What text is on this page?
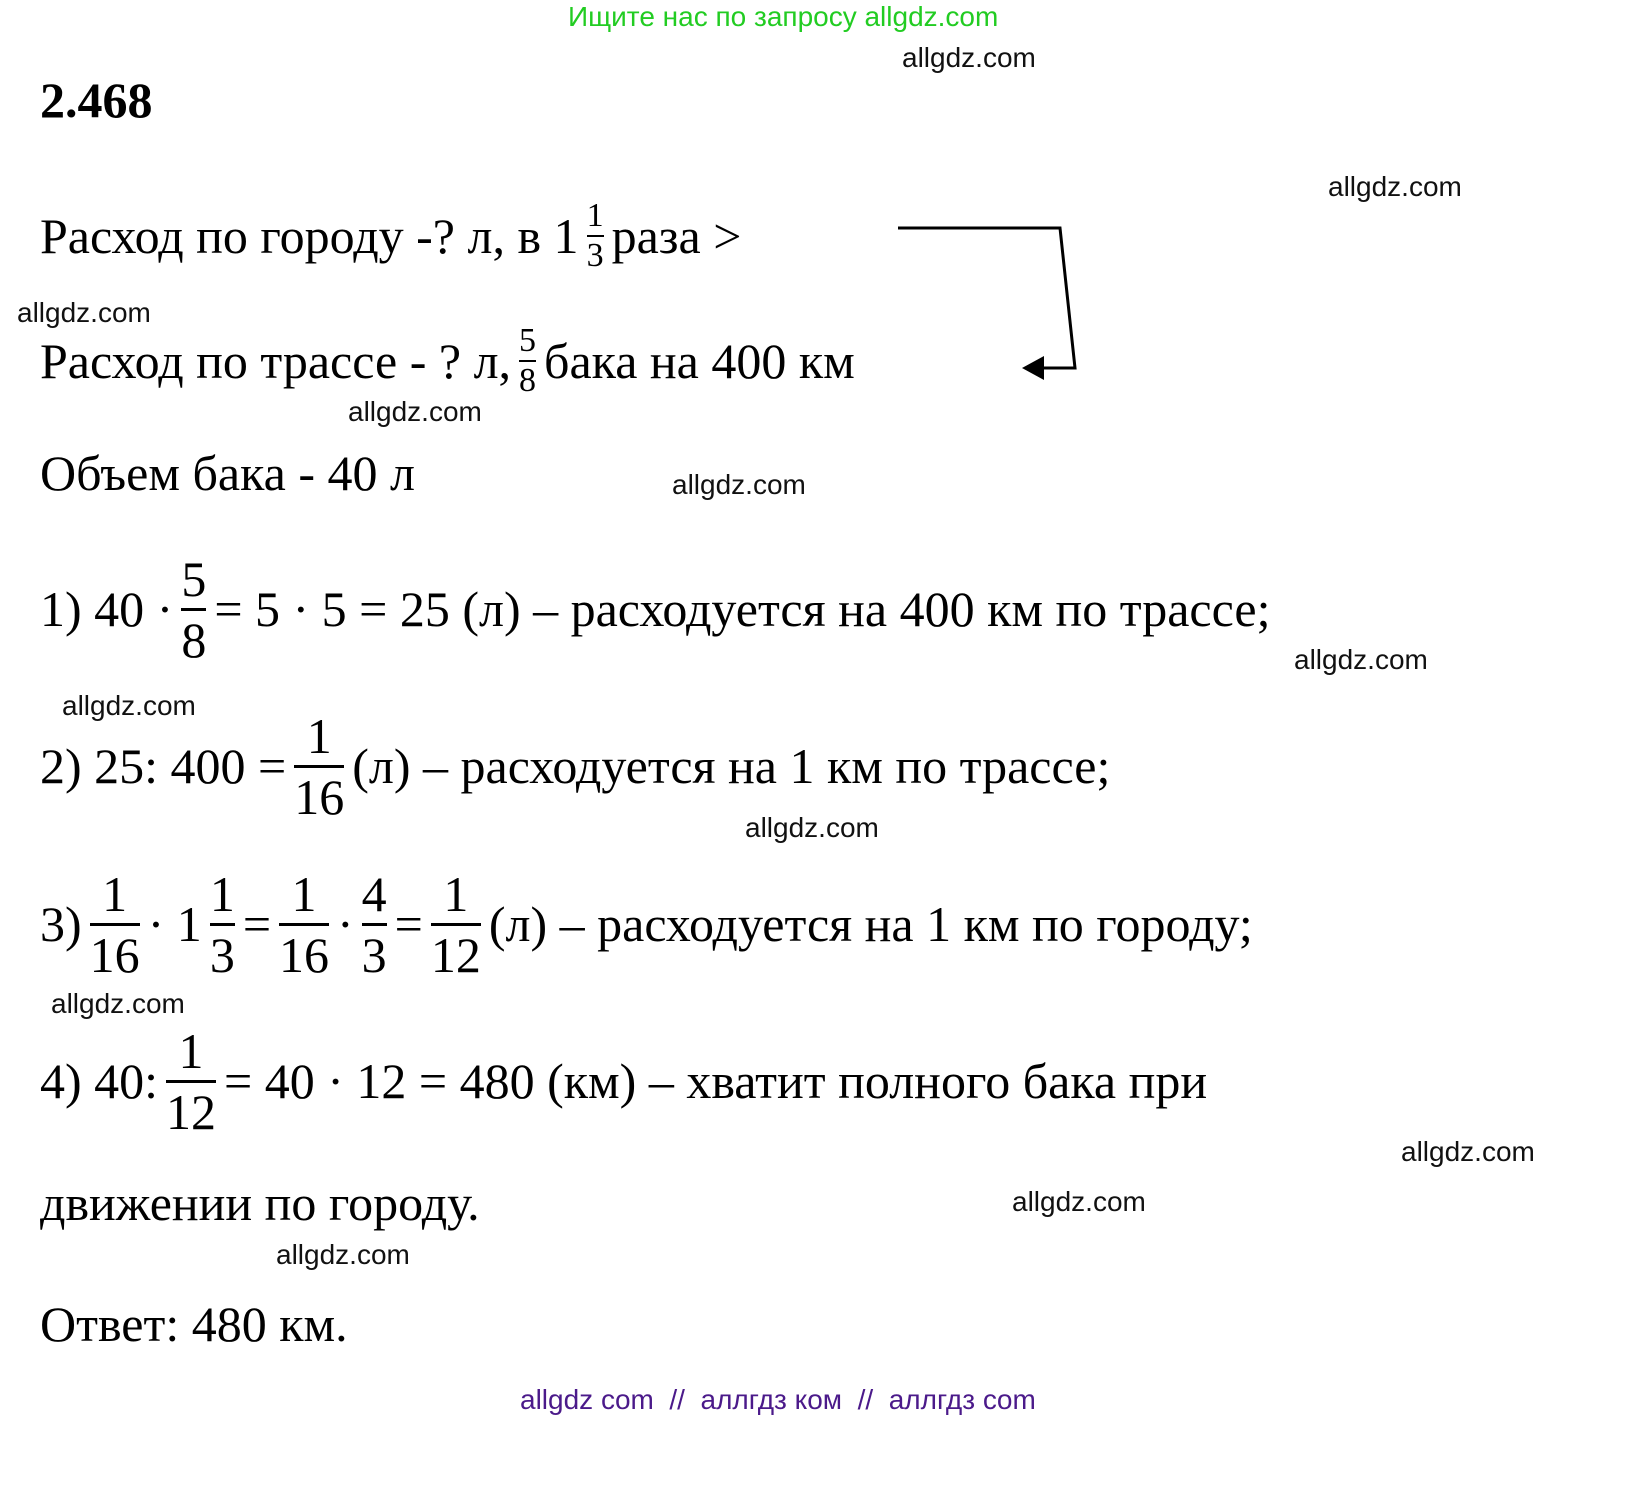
Ищите нас по запросу allgdz.com
allgdz.com
allgdz.com
allgdz.com
allgdz.com
allgdz.com
allgdz.com
allgdz.com
allgdz.com
allgdz.com
allgdz.com
allgdz.com
allgdz.com
allgdz com  //  аллгдз ком  //  аллгдз com
2.468
Расход по городу -? л, в $1 \frac{1}{3}$ раза >
Расход по трассе - ? л, $\frac{5}{8}$ бака на 400 км
Объем бака - 40 л
1) $40 \cdot \frac{5}{8} = 5 \cdot 5 = 25$ (л) – расходуется на 400 км по трассе;
2) 25: $400 = \frac{1}{16} (л)$ – расходуется на 1 км по трассе;
$3) \frac{1}{16} \cdot 1 \frac{1}{3} = \frac{1}{16} \cdot \frac{4}{3} = \frac{1}{12} (л)$ – расходуется на 1 км по городу;
4) 40: $\frac{1}{12} = 40 \cdot 12 = 480$ (км) – хватит полного бака при
движении по городу.
Ответ: 480 км.
